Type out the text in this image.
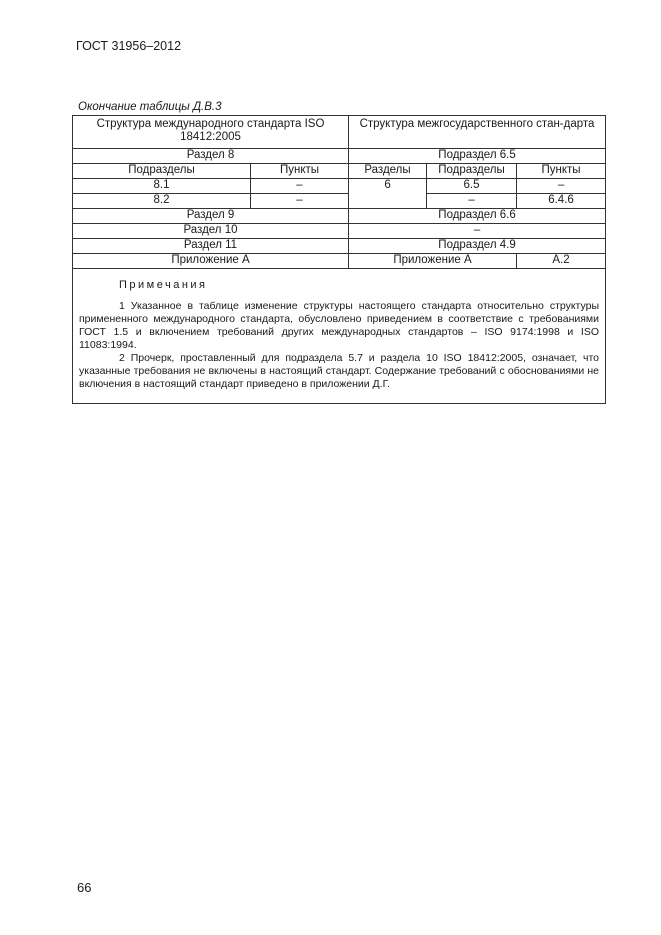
ГОСТ 31956–2012
Окончание таблицы Д.В.3
Структура международного стандарта ISO 18412:2005		Структура межгосударственного стан-дарта		
Раздел 8		Подраздел 6.5		
Подразделы	Пункты	Разделы	Подразделы	Пункты
8.1	–	6	6.5	–
8.2	–		–	6.4.6
Раздел 9		Подраздел 6.6		
Раздел 10		–		
Раздел 11		Подраздел 4.9		
Приложение А		Приложение А		А.2

Примечания

1 Указанное в таблице изменение структуры настоящего стандарта относительно структуры примененного международного стандарта, обусловлено приведением в соответствие с требованиями ГОСТ 1.5 и включением требований других международных стандартов – ISO 9174:1998 и ISO 11083:1994.

2 Прочерк, проставленный для подраздела 5.7 и раздела 10 ISO 18412:2005, означает, что указанные требования не включены в настоящий стандарт. Содержание требований с обоснованиями не включения в настоящий стандарт приведено в приложении Д.Г.				

66
